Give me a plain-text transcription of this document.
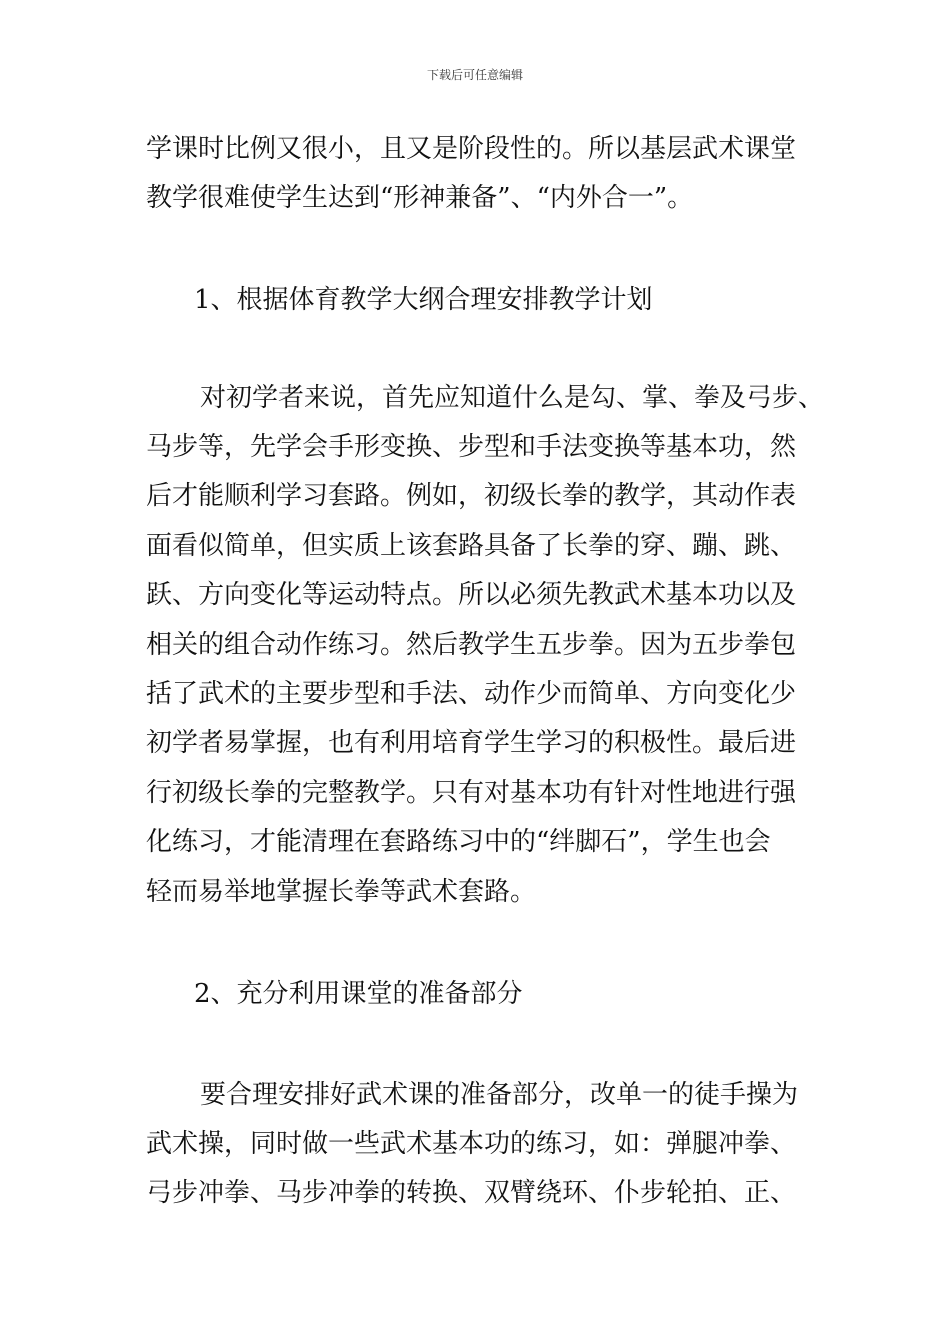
下载后可任意编辑
学课时比例又很小，且又是阶段性的。所以基层武术课堂
教学很难使学生达到“形神兼备”、“内外合一”。
1、根据体育教学大纲合理安排教学计划
对初学者来说，首先应知道什么是勾、掌、拳及弓步、
马步等，先学会手形变换、步型和手法变换等基本功，然
后才能顺利学习套路。例如，初级长拳的教学，其动作表
面看似简单，但实质上该套路具备了长拳的穿、蹦、跳、
跃、方向变化等运动特点。所以必须先教武术基本功以及
相关的组合动作练习。然后教学生五步拳。因为五步拳包
括了武术的主要步型和手法、动作少而简单、方向变化少
初学者易掌握，也有利用培育学生学习的积极性。最后进
行初级长拳的完整教学。只有对基本功有针对性地进行强
化练习，才能清理在套路练习中的“绊脚石”，学生也会
轻而易举地掌握长拳等武术套路。
2、充分利用课堂的准备部分
要合理安排好武术课的准备部分，改单一的徒手操为
武术操，同时做一些武术基本功的练习，如：弹腿冲拳、
弓步冲拳、马步冲拳的转换、双臂绕环、仆步轮拍、正、
